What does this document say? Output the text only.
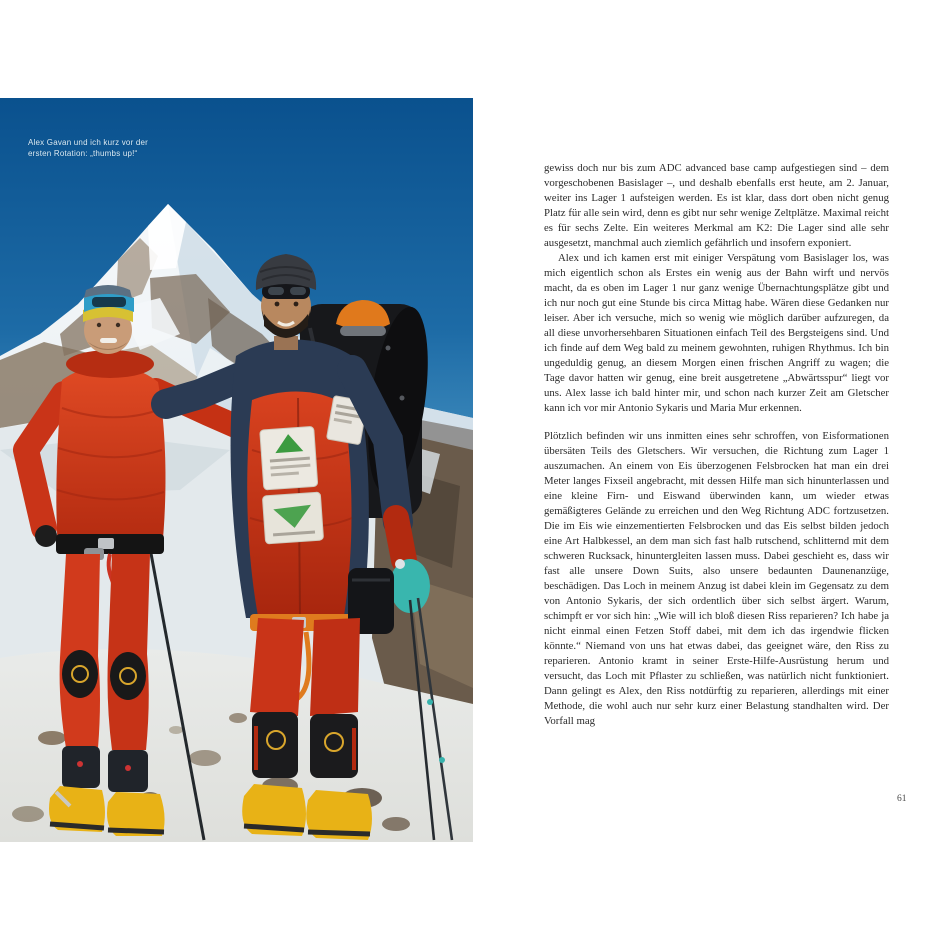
Alex Gavan und ich kurz vor der
ersten Rotation: „thumbs up!“

gewiss doch nur bis zum ADC advanced base camp aufgestiegen sind – dem vorgeschobenen Basislager –, und deshalb ebenfalls erst heute, am 2. Januar, weiter ins Lager 1 aufsteigen werden. Es ist klar, dass dort oben nicht genug Platz für alle sein wird, denn es gibt nur sehr wenige Zeltplätze. Maximal reicht es für sechs Zelte. Ein weiteres Merkmal am K2: Die Lager sind alle sehr ausgesetzt, manchmal auch ziemlich gefährlich und insofern exponiert.

Alex und ich kamen erst mit einiger Verspätung vom Basislager los, was mich eigentlich schon als Erstes ein wenig aus der Bahn wirft und nervös macht, da es oben im Lager 1 nur ganz wenige Übernachtungsplätze gibt und ich nur noch gut eine Stunde bis circa Mittag habe. Wären diese Gedanken nur leiser. Aber ich versuche, mich so wenig wie möglich darüber aufzuregen, da all diese unvorhersehbaren Situationen einfach Teil des Bergsteigens sind. Und ich finde auf dem Weg bald zu meinem gewohnten, ruhigen Rhythmus. Ich bin ungeduldig genug, an diesem Morgen einen frischen Angriff zu wagen; die Tage davor hatten wir genug, eine breit ausgetretene „Abwärtsspur“ liegt vor uns. Alex lasse ich bald hinter mir, und schon nach kurzer Zeit am Gletscher kann ich vor mir Antonio Sykaris und Maria Mur erkennen.

Plötzlich befinden wir uns inmitten eines sehr schroffen, von Eisformationen übersäten Teils des Gletschers. Wir versuchen, die Richtung zum Lager 1 auszumachen. An einem von Eis überzogenen Felsbrocken hat man ein drei Meter langes Fixseil angebracht, mit dessen Hilfe man sich hinunterlassen und eine kleine Firn- und Eiswand überwinden kann, um wieder etwas gemäßigteres Gelände zu erreichen und den Weg Richtung ADC fortzusetzen. Die im Eis wie einzementierten Felsbrocken und das Eis selbst bilden jedoch eine Art Halbkessel, an dem man sich fast halb rutschend, schlitternd mit dem schweren Rucksack, hinuntergleiten lassen muss. Dabei geschieht es, dass wir fast alle unsere Down Suits, also unsere bedaunten Daunenanzüge, beschädigen. Das Loch in meinem Anzug ist dabei klein im Gegensatz zu dem von Antonio Sykaris, der sich ordentlich über sich selbst ärgert. Warum, schimpft er vor sich hin: „Wie will ich bloß diesen Riss reparieren? Ich habe ja nicht einmal einen Fetzen Stoff dabei, mit dem ich das irgendwie flicken könnte.“ Niemand von uns hat etwas dabei, das geeignet wäre, den Riss zu reparieren. Antonio kramt in seiner Erste-Hilfe-Ausrüstung herum und versucht, das Loch mit Pflaster zu schließen, was natürlich nicht funktioniert. Dann gelingt es Alex, den Riss notdürftig zu reparieren, allerdings mit einer Methode, die wohl auch nur sehr kurz einer Belastung standhalten wird. Der Vorfall mag

61
